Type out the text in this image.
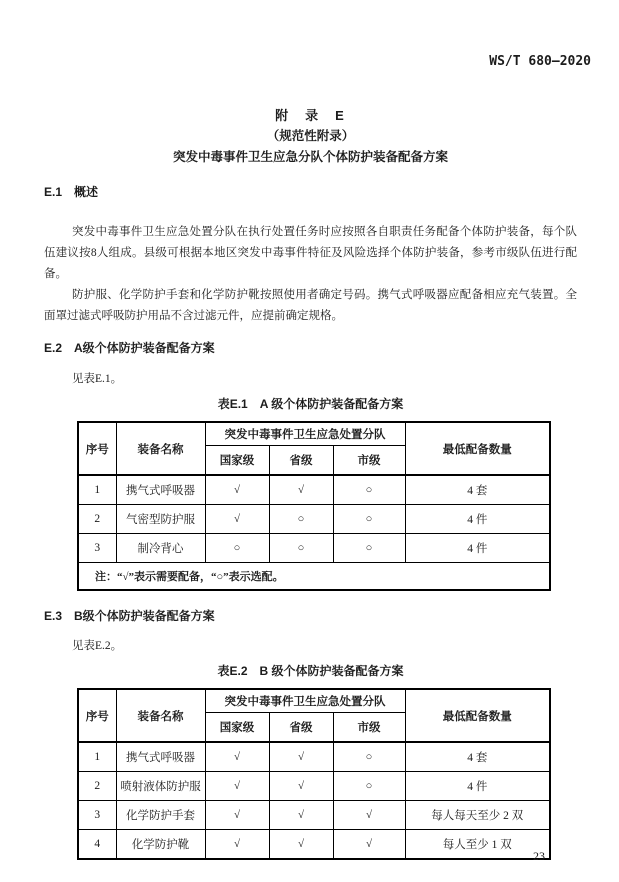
WS/T 680—2020
附　录　E
（规范性附录）
突发中毒事件卫生应急分队个体防护装备配备方案
E.1　概述

突发中毒事件卫生应急处置分队在执行处置任务时应按照各自职责任务配备个体防护装备，每个队伍建议按8人组成。县级可根据本地区突发中毒事件特征及风险选择个体防护装备，参考市级队伍进行配备。

防护服、化学防护手套和化学防护靴按照使用者确定号码。携气式呼吸器应配备相应充气装置。全面罩过滤式呼吸防护用品不含过滤元件，应提前确定规格。

E.2　A级个体防护装备配备方案

见表E.1。

表E.1　A 级个体防护装备配备方案
序号	装备名称	突发中毒事件卫生应急处置分队			最低配备数量
		国家级	省级	市级	
1	携气式呼吸器	√	√	○	4 套
2	气密型防护服	√	○	○	4 件
3	制冷背心	○	○	○	4 件
注：“√”表示需要配备，“○”表示选配。					
E.3　B级个体防护装备配备方案

见表E.2。

表E.2　B 级个体防护装备配备方案
序号	装备名称	突发中毒事件卫生应急处置分队			最低配备数量
		国家级	省级	市级	
1	携气式呼吸器	√	√	○	4 套
2	喷射液体防护服	√	√	○	4 件
3	化学防护手套	√	√	√	每人每天至少 2 双
4	化学防护靴	√	√	√	每人至少 1 双
23
